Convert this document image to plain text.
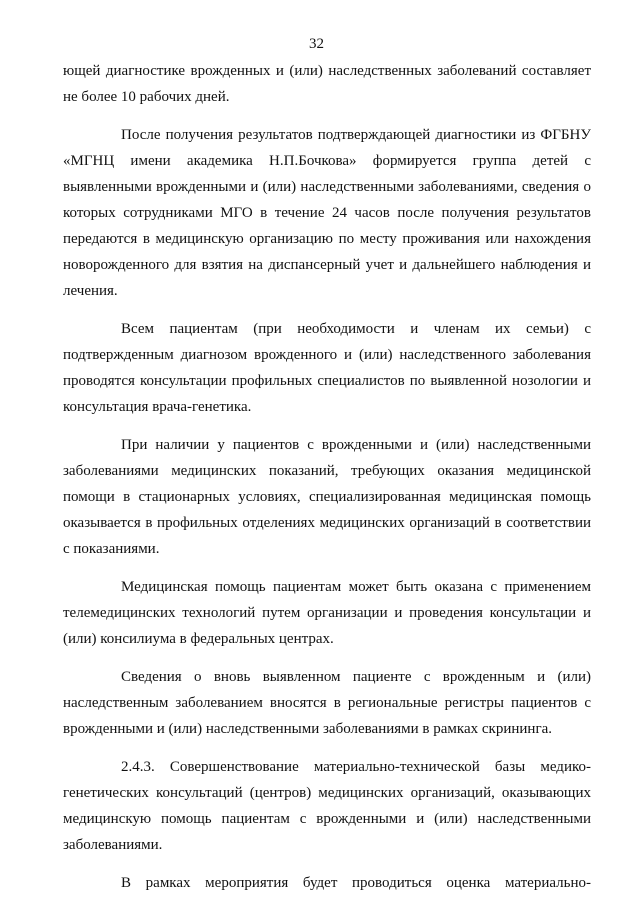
32

ющей диагностике врожденных и (или) наследственных заболеваний составляет не более 10 рабочих дней.

После получения результатов подтверждающей диагностики из ФГБНУ «МГНЦ имени академика Н.П.Бочкова» формируется группа детей с выявленными врожденными и (или) наследственными заболеваниями, сведения о которых сотрудниками МГО в течение 24 часов после получения результатов передаются в медицинскую организацию по месту проживания или нахождения новорожденного для взятия на диспансерный учет и дальнейшего наблюдения и лечения.

Всем пациентам (при необходимости и членам их семьи) с подтвержденным диагнозом врожденного и (или) наследственного заболевания проводятся консультации профильных специалистов по выявленной нозологии и консультация врача-генетика.

При наличии у пациентов с врожденными и (или) наследственными заболеваниями медицинских показаний, требующих оказания медицинской помощи в стационарных условиях, специализированная медицинская помощь оказывается в профильных отделениях медицинских организаций в соответствии с показаниями.

Медицинская помощь пациентам может быть оказана с применением телемедицинских технологий путем организации и проведения консультации и (или) консилиума в федеральных центрах.

Сведения о вновь выявленном пациенте с врожденным и (или) наследственным заболеванием вносятся в региональные регистры пациентов с врожденными и (или) наследственными заболеваниями в рамках скрининга.

2.4.3. Совершенствование материально-технической базы медико-генетических консультаций (центров) медицинских организаций, оказывающих медицинскую помощь пациентам с врожденными и (или) наследственными заболеваниями.

В рамках мероприятия будет проводиться оценка материально-
